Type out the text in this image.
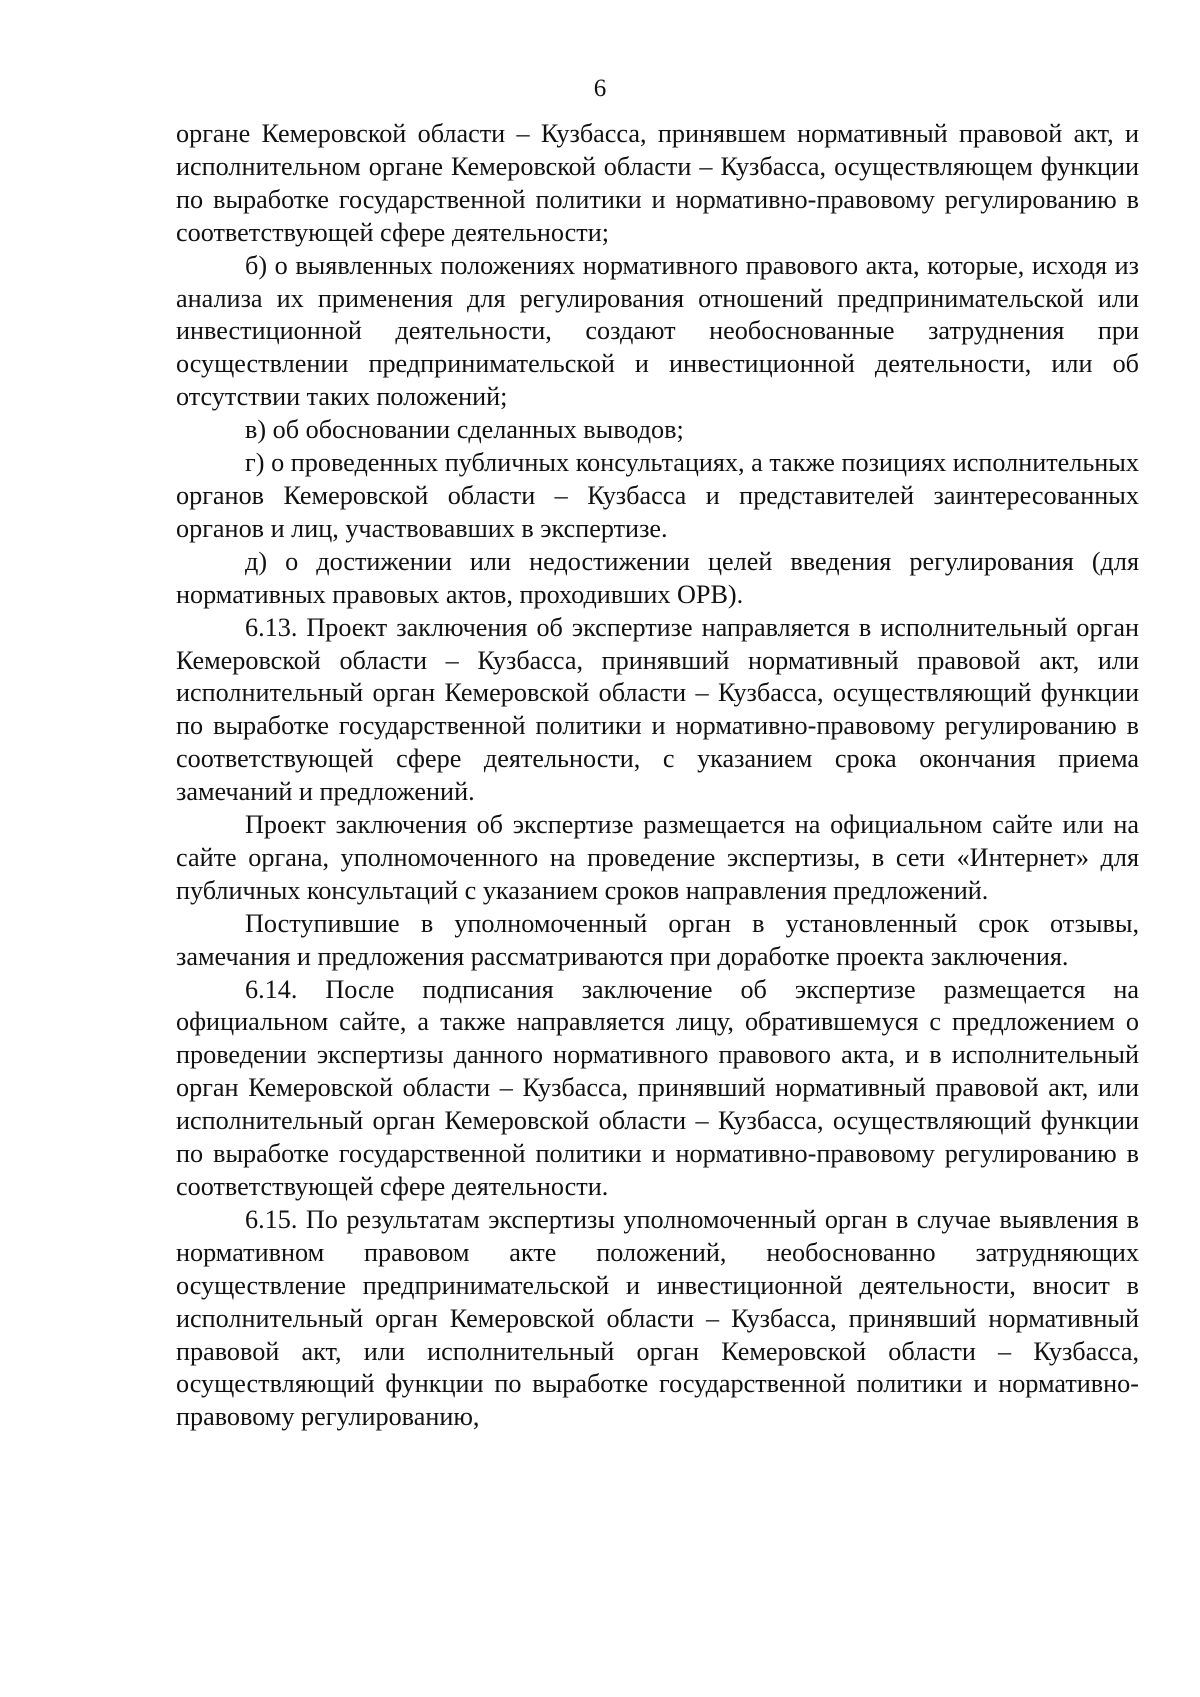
6

органе Кемеровской области – Кузбасса, принявшем нормативный правовой акт, и исполнительном органе Кемеровской области – Кузбасса, осуществляющем функции по выработке государственной политики и нормативно-правовому регулированию в соответствующей сфере деятельности;

б) о выявленных положениях нормативного правового акта, которые, исходя из анализа их применения для регулирования отношений предпринимательской или инвестиционной деятельности, создают необоснованные затруднения при осуществлении предпринимательской и инвестиционной деятельности, или об отсутствии таких положений;

в) об обосновании сделанных выводов;

г) о проведенных публичных консультациях, а также позициях исполнительных органов Кемеровской области – Кузбасса и представителей заинтересованных органов и лиц, участвовавших в экспертизе.

д) о достижении или недостижении целей введения регулирования (для нормативных правовых актов, проходивших ОРВ).

6.13. Проект заключения об экспертизе направляется в исполнительный орган Кемеровской области – Кузбасса, принявший нормативный правовой акт, или исполнительный орган Кемеровской области – Кузбасса, осуществляющий функции по выработке государственной политики и нормативно-правовому регулированию в соответствующей сфере деятельности, с указанием срока окончания приема замечаний и предложений.

Проект заключения об экспертизе размещается на официальном сайте или на сайте органа, уполномоченного на проведение экспертизы, в сети «Интернет» для публичных консультаций с указанием сроков направления предложений.

Поступившие в уполномоченный орган в установленный срок отзывы, замечания и предложения рассматриваются при доработке проекта заключения.

6.14. После подписания заключение об экспертизе размещается на официальном сайте, а также направляется лицу, обратившемуся с предложением о проведении экспертизы данного нормативного правового акта, и в исполнительный орган Кемеровской области – Кузбасса, принявший нормативный правовой акт, или исполнительный орган Кемеровской области – Кузбасса, осуществляющий функции по выработке государственной политики и нормативно-правовому регулированию в соответствующей сфере деятельности.

6.15. По результатам экспертизы уполномоченный орган в случае выявления в нормативном правовом акте положений, необоснованно затрудняющих осуществление предпринимательской и инвестиционной деятельности, вносит в исполнительный орган Кемеровской области – Кузбасса, принявший нормативный правовой акт, или исполнительный орган Кемеровской области – Кузбасса, осуществляющий функции по выработке государственной политики и нормативно-правовому регулированию,
